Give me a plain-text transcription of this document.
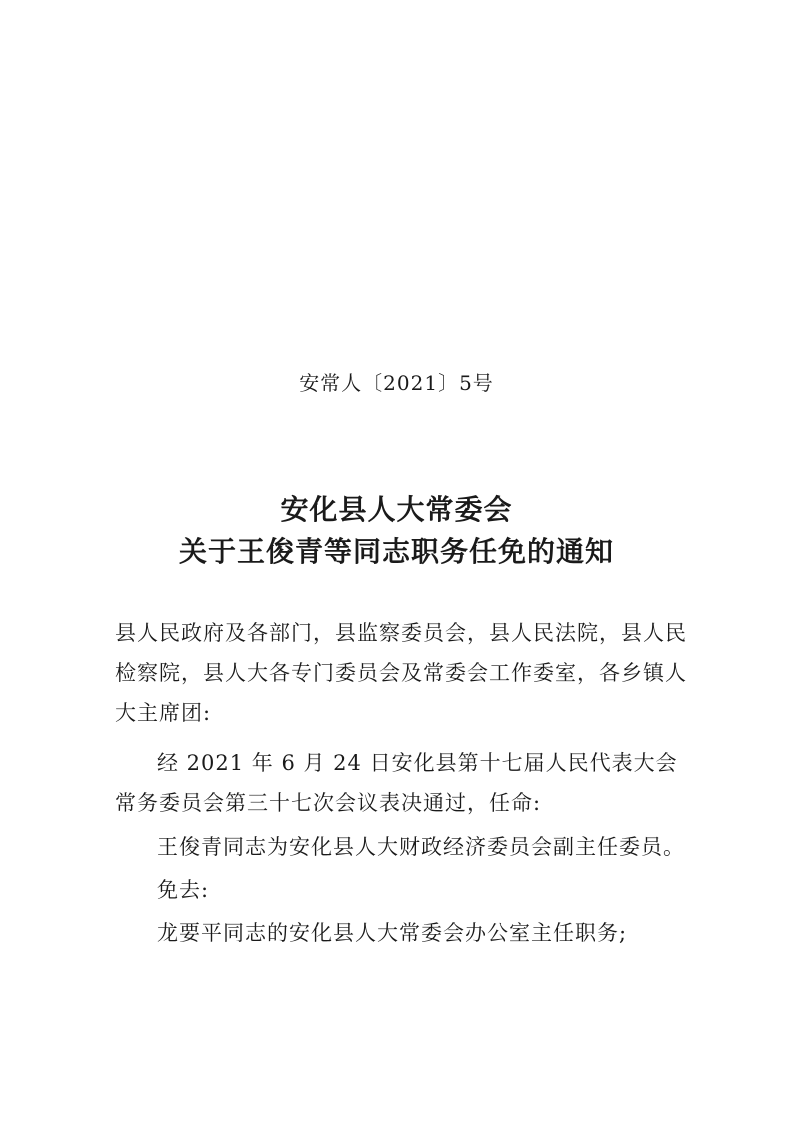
安常人〔2021〕5号
安化县人大常委会
关于王俊青等同志职务任免的通知

县人民政府及各部门，县监察委员会，县人民法院，县人民检察院，县人大各专门委员会及常委会工作委室，各乡镇人大主席团:

经 2021 年 6 月 24 日安化县第十七届人民代表大会常务委员会第三十七次会议表决通过，任命:

王俊青同志为安化县人大财政经济委员会副主任委员。

免去:

龙要平同志的安化县人大常委会办公室主任职务;
